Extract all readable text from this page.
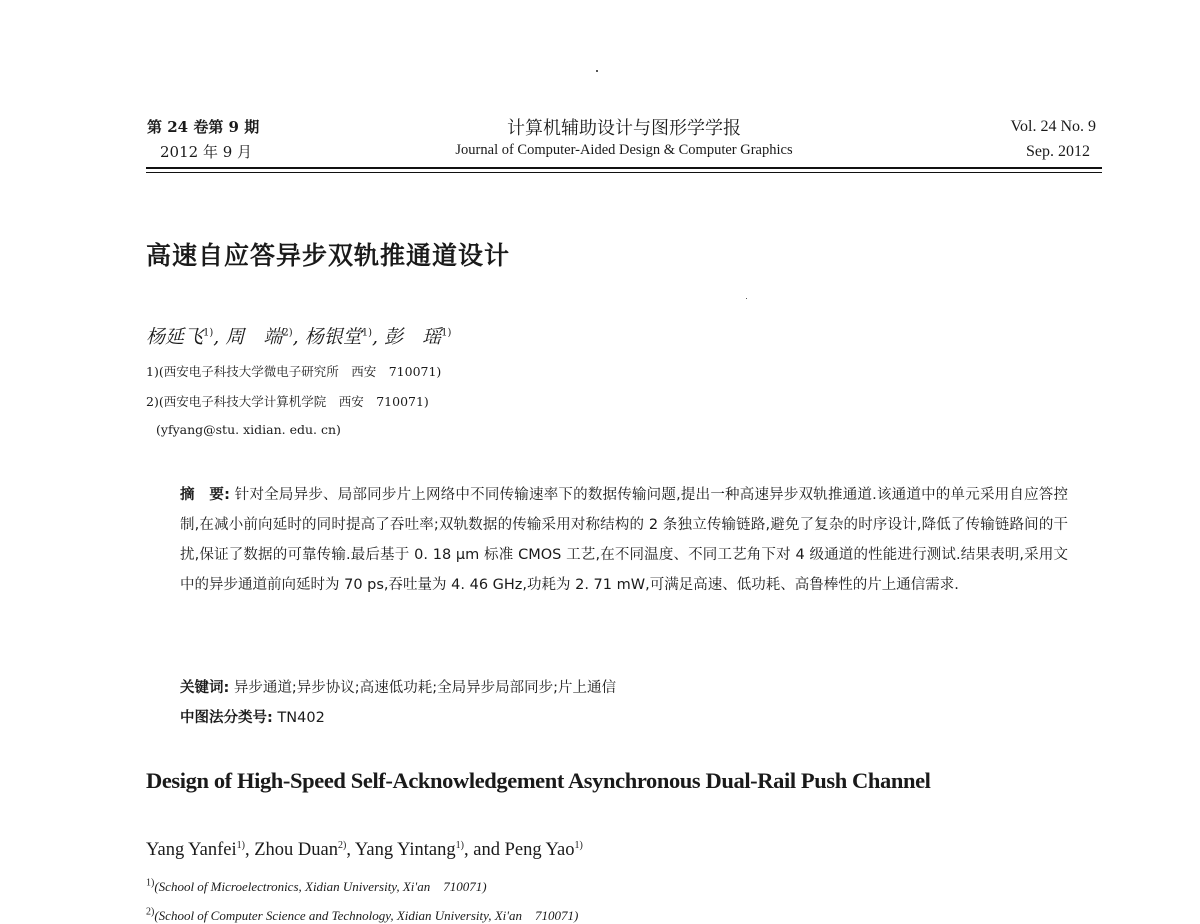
第 24 卷第 9 期
2012 年 9 月
计算机辅助设计与图形学学报
Journal of Computer-Aided Design & Computer Graphics
Vol. 24 No. 9
Sep. 2012
高速自应答异步双轨推通道设计
杨延飞$^{1)}$, 周　端$^{2)}$, 杨银堂$^{1)}$, 彭　瑶$^{1)}$
1)(西安电子科技大学微电子研究所　西安　710071)
2)(西安电子科技大学计算机学院　西安　710071)
(yfyang@stu. xidian. edu. cn)
摘　要: 针对全局异步、局部同步片上网络中不同传输速率下的数据传输问题,提出一种高速异步双轨推通道.该通道中的单元采用自应答控制,在减小前向延时的同时提高了吞吐率;双轨数据的传输采用对称结构的 2 条独立传输链路,避免了复杂的时序设计,降低了传输链路间的干扰,保证了数据的可靠传输.最后基于 0. 18 μm 标准 CMOS 工艺,在不同温度、不同工艺角下对 4 级通道的性能进行测试.结果表明,采用文中的异步通道前向延时为 70 ps,吞吐量为 4. 46 GHz,功耗为 2. 71 mW,可满足高速、低功耗、高鲁棒性的片上通信需求.
关键词: 异步通道;异步协议;高速低功耗;全局异步局部同步;片上通信
中图法分类号: TN402
Design of High-Speed Self-Acknowledgement Asynchronous Dual-Rail Push Channel
Yang Yanfei$^{1)}$, Zhou Duan$^{2)}$, Yang Yintang$^{1)}$, and Peng Yao$^{1)}$
$^{1)}$(School of Microelectronics, Xidian University, Xi'an　710071)
$^{2)}$(School of Computer Science and Technology, Xidian University, Xi'an　710071)
